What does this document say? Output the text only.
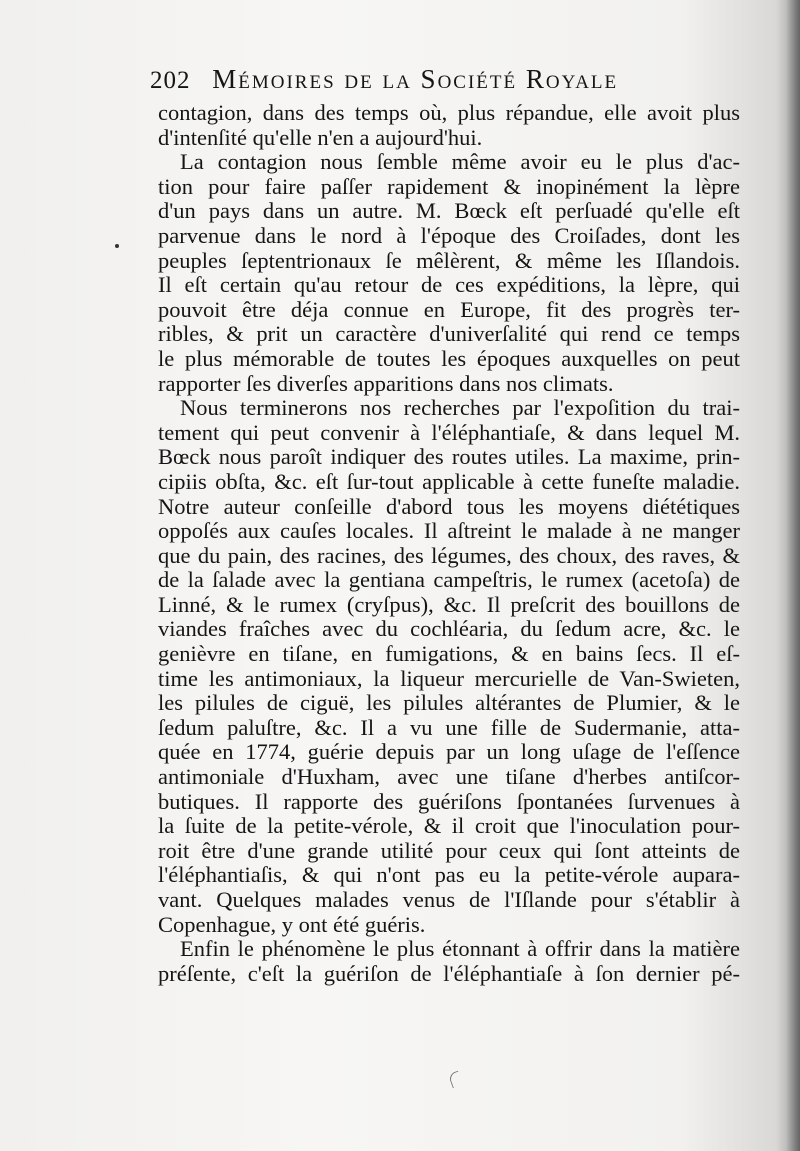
202 Mémoires de la Société Royale
contagion, dans des temps où, plus répandue, elle avoit plus
d'intenſité qu'elle n'en a aujourd'hui.
La contagion nous ſemble même avoir eu le plus d'ac-
tion pour faire paſſer rapidement & inopinément la lèpre
d'un pays dans un autre. M. Bœck eſt perſuadé qu'elle eſt
parvenue dans le nord à l'époque des Croiſades, dont les
peuples ſeptentrionaux ſe mêlèrent, & même les Iſlandois.
Il eſt certain qu'au retour de ces expéditions, la lèpre, qui
pouvoit être déja connue en Europe, fit des progrès ter-
ribles, & prit un caractère d'univerſalité qui rend ce temps
le plus mémorable de toutes les époques auxquelles on peut
rapporter ſes diverſes apparitions dans nos climats.
Nous terminerons nos recherches par l'expoſition du trai-
tement qui peut convenir à l'éléphantiaſe, & dans lequel M.
Bœck nous paroît indiquer des routes utiles. La maxime, prin-
cipiis obſta, &c. eſt ſur-tout applicable à cette funeſte maladie.
Notre auteur conſeille d'abord tous les moyens diététiques
oppoſés aux cauſes locales. Il aſtreint le malade à ne manger
que du pain, des racines, des légumes, des choux, des raves, &
de la ſalade avec la gentiana campeſtris, le rumex (acetoſa) de
Linné, & le rumex (cryſpus), &c. Il preſcrit des bouillons de
viandes fraîches avec du cochléaria, du ſedum acre, &c. le
genièvre en tiſane, en fumigations, & en bains ſecs. Il eſ-
time les antimoniaux, la liqueur mercurielle de Van-Swieten,
les pilules de ciguë, les pilules altérantes de Plumier, & le
ſedum paluſtre, &c. Il a vu une fille de Sudermanie, atta-
quée en 1774, guérie depuis par un long uſage de l'eſſence
antimoniale d'Huxham, avec une tiſane d'herbes antiſcor-
butiques. Il rapporte des guériſons ſpontanées ſurvenues à
la ſuite de la petite-vérole, & il croit que l'inoculation pour-
roit être d'une grande utilité pour ceux qui ſont atteints de
l'éléphantiaſis, & qui n'ont pas eu la petite-vérole aupara-
vant. Quelques malades venus de l'Iſlande pour s'établir à
Copenhague, y ont été guéris.
Enfin le phénomène le plus étonnant à offrir dans la matière
préſente, c'eſt la guériſon de l'éléphantiaſe à ſon dernier pé-
